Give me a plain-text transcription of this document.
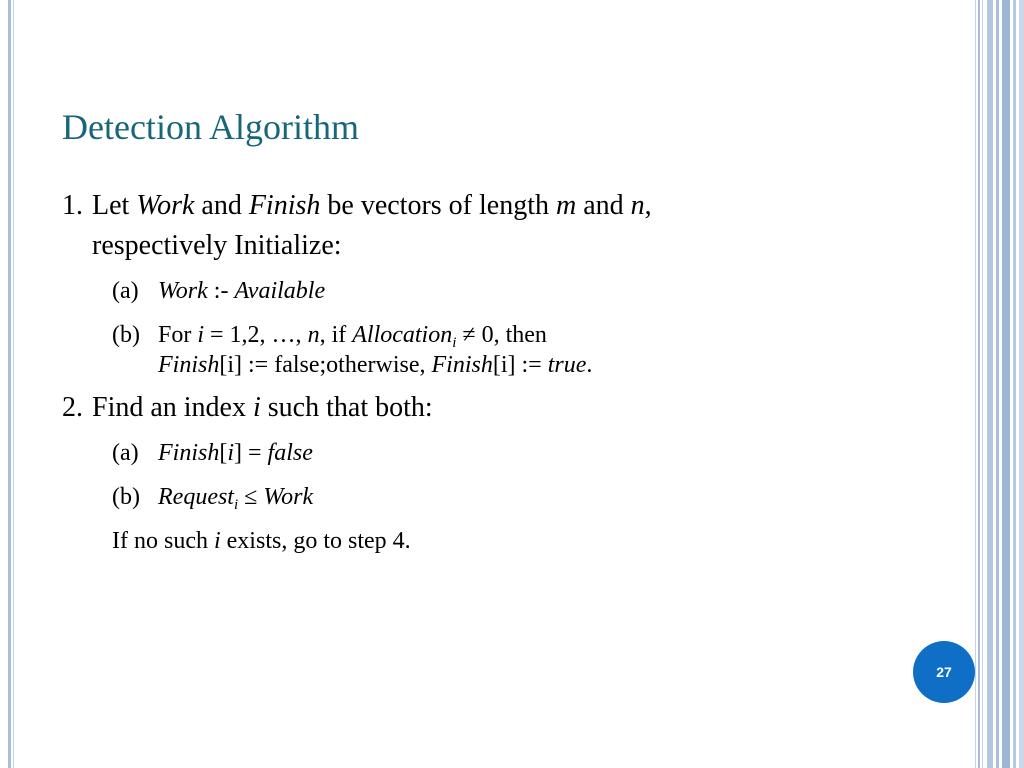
Detection Algorithm
1. Let Work and Finish be vectors of length m and n,
respectively Initialize:
(a) Work :- Available
(b) For i = 1,2, …, n, if Allocation$_i$ ≠ 0, then
Finish[i] := false;otherwise, Finish[i] := true.
2. Find an index i such that both:
(a) Finish[i] = false
(b) Request$_i$ ≤ Work
If no such i exists, go to step 4.
27
